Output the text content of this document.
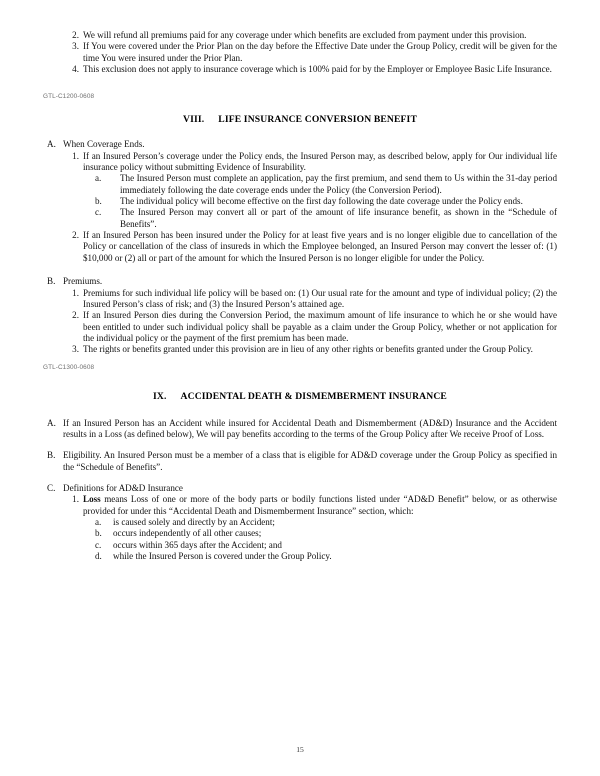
2. We will refund all premiums paid for any coverage under which benefits are excluded from payment under this provision.

3. If You were covered under the Prior Plan on the day before the Effective Date under the Group Policy, credit will be given for the time You were insured under the Prior Plan.

4. This exclusion does not apply to insurance coverage which is 100% paid for by the Employer or Employee Basic Life Insurance.

GTL-C1200-0608

VIII. LIFE INSURANCE CONVERSION BENEFIT

A. When Coverage Ends.

1. If an Insured Person’s coverage under the Policy ends, the Insured Person may, as described below, apply for Our individual life insurance policy without submitting Evidence of Insurability.

a.	The Insured Person must complete an application, pay the first premium, and send them to Us within the 31-day period immediately following the date coverage ends under the Policy (the Conversion Period).

b.	The individual policy will become effective on the first day following the date coverage under the Policy ends.

c.	The Insured Person may convert all or part of the amount of life insurance benefit, as shown in the “Schedule of Benefits”.

2. If an Insured Person has been insured under the Policy for at least five years and is no longer eligible due to cancellation of the Policy or cancellation of the class of insureds in which the Employee belonged, an Insured Person may convert the lesser of: (1) $10,000 or (2) all or part of the amount for which the Insured Person is no longer eligible for under the Policy.

B. Premiums.

1. Premiums for such individual life policy will be based on: (1) Our usual rate for the amount and type of individual policy; (2) the Insured Person’s class of risk; and (3) the Insured Person’s attained age.

2. If an Insured Person dies during the Conversion Period, the maximum amount of life insurance to which he or she would have been entitled to under such individual policy shall be payable as a claim under the Group Policy, whether or not application for the individual policy or the payment of the first premium has been made.

3. The rights or benefits granted under this provision are in lieu of any other rights or benefits granted under the Group Policy.

GTL-C1300-0608

IX. ACCIDENTAL DEATH & DISMEMBERMENT INSURANCE

A. If an Insured Person has an Accident while insured for Accidental Death and Dismemberment (AD&D) Insurance and the Accident results in a Loss (as defined below), We will pay benefits according to the terms of the Group Policy after We receive Proof of Loss.

B. Eligibility. An Insured Person must be a member of a class that is eligible for AD&D coverage under the Group Policy as specified in the “Schedule of Benefits”.

C. Definitions for AD&D Insurance

1. Loss means Loss of one or more of the body parts or bodily functions listed under “AD&D Benefit” below, or as otherwise provided for under this “Accidental Death and Dismemberment Insurance” section, which:

a.	is caused solely and directly by an Accident;

b.	occurs independently of all other causes;

c.	occurs within 365 days after the Accident; and

d.	while the Insured Person is covered under the Group Policy.

15
